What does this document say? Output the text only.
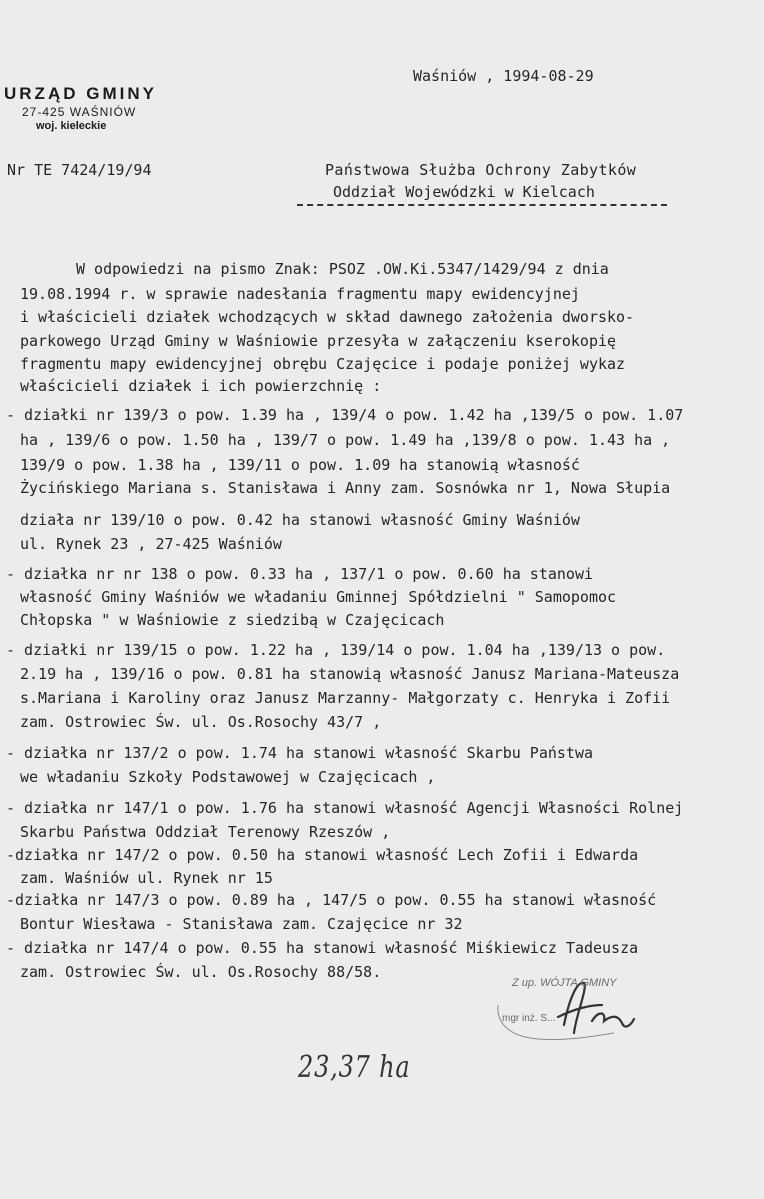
Waśniów , 1994-08-29
URZĄD GMINY
27-425 WAŚNIÓW
woj. kieleckie
Nr TE 7424/19/94	Państwowa Służba Ochrony Zabytków
Oddział Wojewódzki w Kielcach
W odpowiedzi na pismo Znak: PSOZ .OW.Ki.5347/1429/94 z dnia
19.08.1994 r. w sprawie nadesłania fragmentu mapy ewidencyjnej
i właścicieli działek wchodzących w skład dawnego założenia dworsko-
parkowego Urząd Gminy w Waśniowie przesyła w załączeniu kserokopię
fragmentu mapy ewidencyjnej obrębu Czajęcice i podaje poniżej wykaz
właścicieli działek i ich powierzchnię :
- działki nr 139/3 o pow. 1.39 ha , 139/4 o pow. 1.42 ha ,139/5 o pow. 1.07
ha , 139/6 o pow. 1.50 ha , 139/7 o pow. 1.49 ha ,139/8 o pow. 1.43 ha ,
139/9 o pow. 1.38 ha , 139/11 o pow. 1.09 ha stanowią własność
Życińskiego Mariana s. Stanisława i Anny zam. Sosnówka nr 1, Nowa Słupia
działa nr 139/10 o pow. 0.42 ha stanowi własność Gminy Waśniów
ul. Rynek 23 , 27-425 Waśniów
- działka nr nr 138 o pow. 0.33 ha , 137/1 o pow. 0.60 ha stanowi
własność Gminy Waśniów we władaniu Gminnej Spółdzielni " Samopomoc
Chłopska " w Waśniowie z siedzibą w Czajęcicach
- działki nr 139/15 o pow. 1.22 ha , 139/14 o pow. 1.04 ha ,139/13 o pow.
2.19 ha , 139/16 o pow. 0.81 ha stanowią własność Janusz Mariana-Mateusza
s.Mariana i Karoliny oraz Janusz Marzanny- Małgorzaty c. Henryka i Zofii
zam. Ostrowiec Św. ul. Os.Rosochy 43/7 ,
- działka nr 137/2 o pow. 1.74 ha stanowi własność Skarbu Państwa
we władaniu Szkoły Podstawowej w Czajęcicach ,
- działka nr 147/1 o pow. 1.76 ha stanowi własność Agencji Własności Rolnej
Skarbu Państwa Oddział Terenowy Rzeszów ,
-działka nr 147/2 o pow. 0.50 ha stanowi własność Lech Zofii i Edwarda
zam. Waśniów ul. Rynek nr 15
-działka nr 147/3 o pow. 0.89 ha , 147/5 o pow. 0.55 ha stanowi własność
Bontur Wiesława - Stanisława zam. Czajęcice nr 32
- działka nr 147/4 o pow. 0.55 ha stanowi własność Miśkiewicz Tadeusza
zam. Ostrowiec Św. ul. Os.Rosochy 88/58.
Z up. WÓJTA GMINY
mgr inż. S...
23,37 ha
